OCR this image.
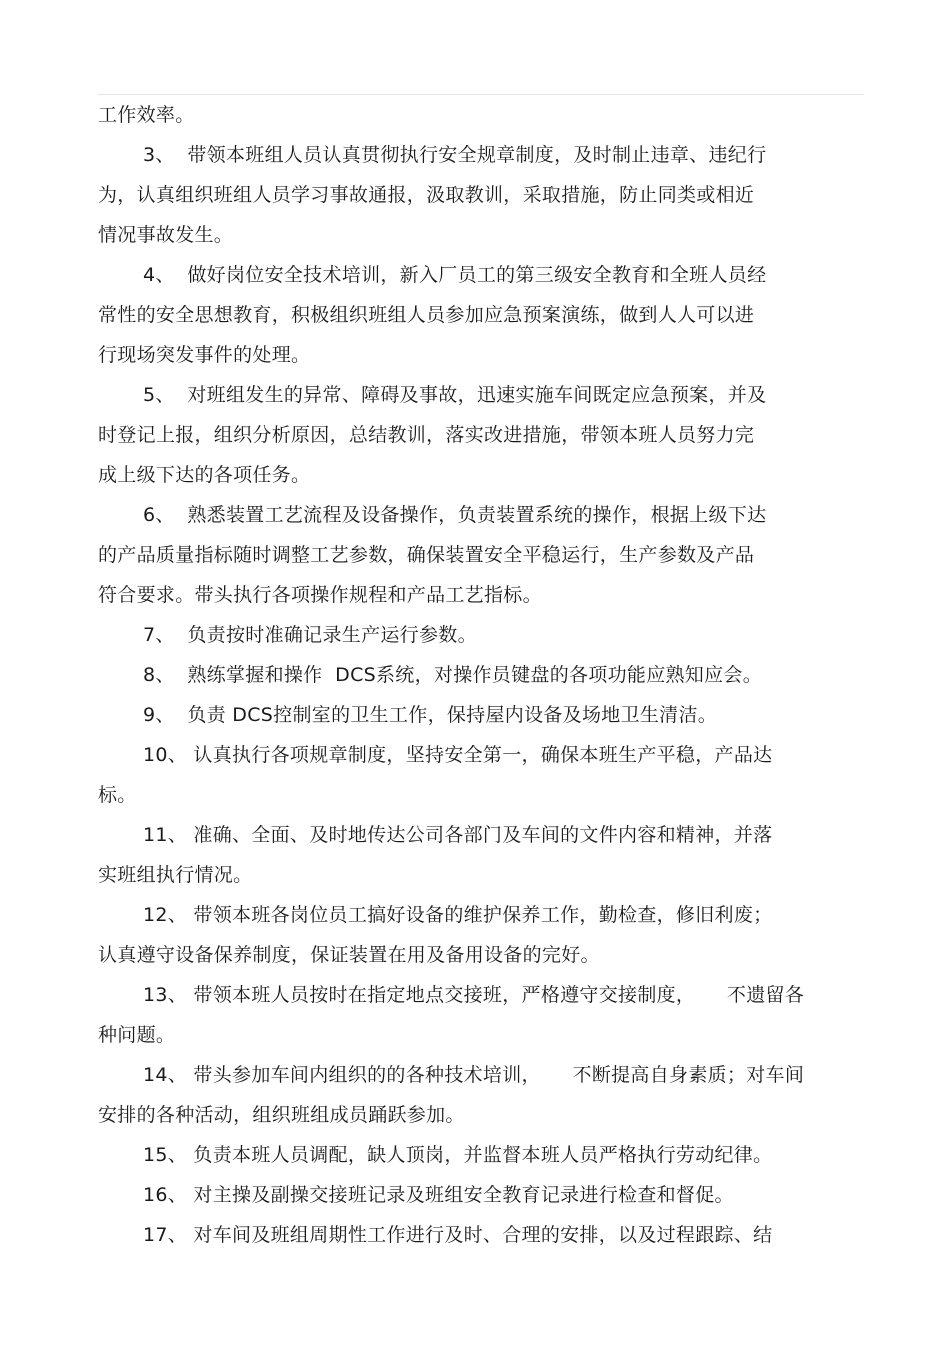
工作效率。
3、  带领本班组人员认真贯彻执行安全规章制度，及时制止违章、违纪行
为，认真组织班组人员学习事故通报，汲取教训，采取措施，防止同类或相近
情况事故发生。
4、  做好岗位安全技术培训，新入厂员工的第三级安全教育和全班人员经
常性的安全思想教育，积极组织班组人员参加应急预案演练，做到人人可以进
行现场突发事件的处理。
5、  对班组发生的异常、障碍及事故，迅速实施车间既定应急预案，并及
时登记上报，组织分析原因，总结教训，落实改进措施，带领本班人员努力完
成上级下达的各项任务。
6、  熟悉装置工艺流程及设备操作，负责装置系统的操作，根据上级下达
的产品质量指标随时调整工艺参数，确保装置安全平稳运行，生产参数及产品
符合要求。带头执行各项操作规程和产品工艺指标。
7、  负责按时准确记录生产运行参数。
8、  熟练掌握和操作  DCS系统，对操作员键盘的各项功能应熟知应会。
9、  负责 DCS控制室的卫生工作，保持屋内设备及场地卫生清洁。
10、 认真执行各项规章制度，坚持安全第一，确保本班生产平稳，产品达
标。
11、 准确、全面、及时地传达公司各部门及车间的文件内容和精神，并落
实班组执行情况。
12、 带领本班各岗位员工搞好设备的维护保养工作，勤检查，修旧利废；
认真遵守设备保养制度，保证装置在用及备用设备的完好。
13、 带领本班人员按时在指定地点交接班，严格遵守交接制度，     不遗留各
种问题。
14、 带头参加车间内组织的的各种技术培训，     不断提高自身素质；对车间
安排的各种活动，组织班组成员踊跃参加。
15、 负责本班人员调配，缺人顶岗，并监督本班人员严格执行劳动纪律。
16、 对主操及副操交接班记录及班组安全教育记录进行检查和督促。
17、 对车间及班组周期性工作进行及时、合理的安排，以及过程跟踪、结
